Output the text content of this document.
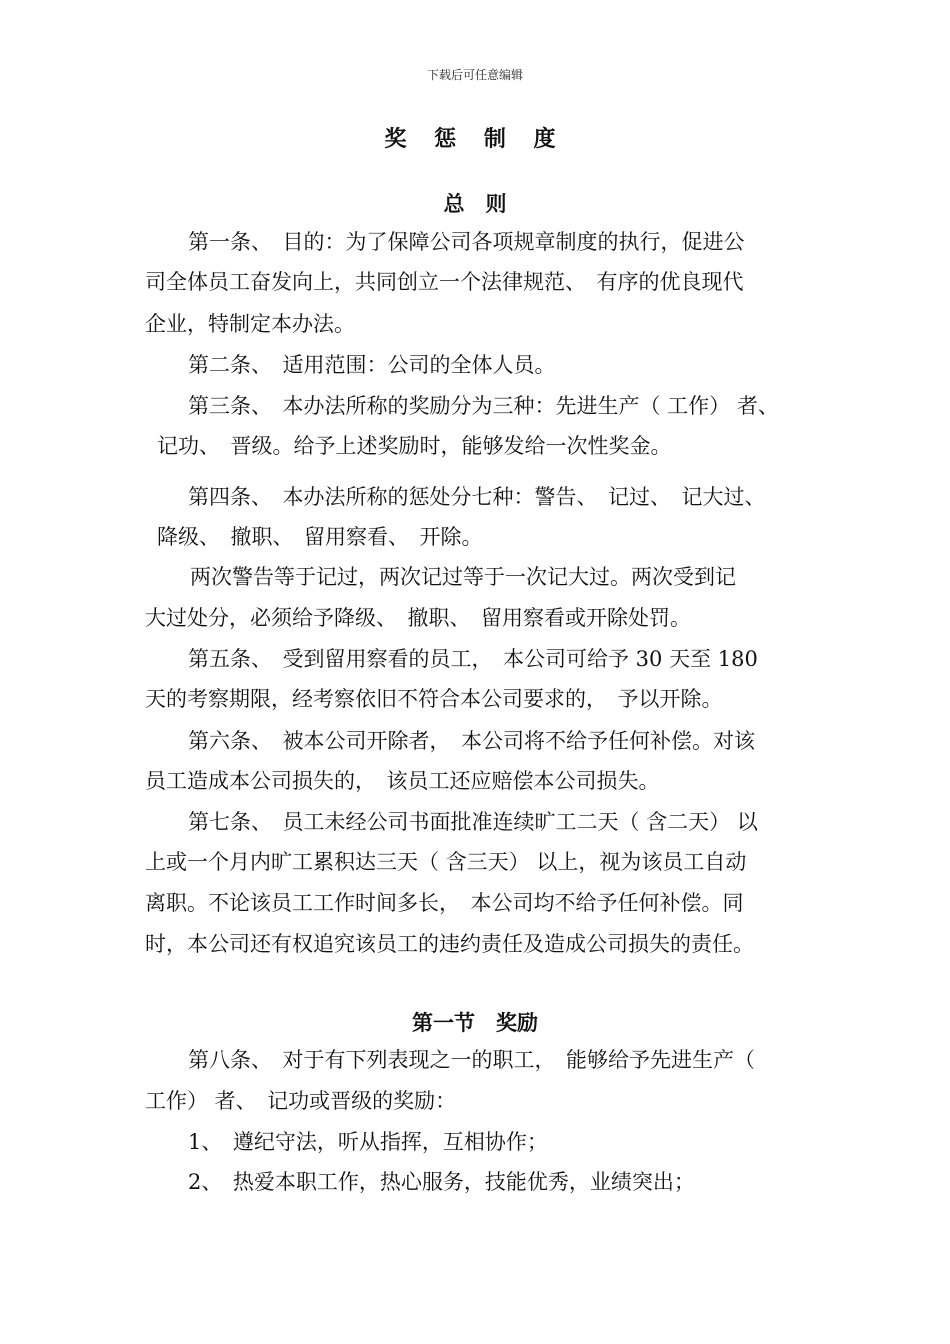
下载后可任意编辑
奖 惩 制 度
总　则
第一条、　目的：为了保障公司各项规章制度的执行，促进公
司全体员工奋发向上，共同创立一个法律规范、　有序的优良现代
企业，特制定本办法。
第二条、　适用范围：公司的全体人员。
第三条、　本办法所称的奖励分为三种：先进生产（ 工作） 者、
记功、　晋级。给予上述奖励时，能够发给一次性奖金。
第四条、　本办法所称的惩处分七种：警告、　记过、　记大过、
降级、　撤职、　留用察看、　开除。
两次警告等于记过，两次记过等于一次记大过。两次受到记
大过处分，必须给予降级、　撤职、　留用察看或开除处罚。
第五条、　受到留用察看的员工，　本公司可给予 30 天至 180
天的考察期限，经考察依旧不符合本公司要求的，　予以开除。
第六条、　被本公司开除者，　本公司将不给予任何补偿。对该
员工造成本公司损失的，　该员工还应赔偿本公司损失。
第七条、　员工未经公司书面批准连续旷工二天（ 含二天） 以
上或一个月内旷工累积达三天（ 含三天） 以上，视为该员工自动
离职。不论该员工工作时间多长，　本公司均不给予任何补偿。同
时，本公司还有权追究该员工的违约责任及造成公司损失的责任。
第一节　奖励
第八条、　对于有下列表现之一的职工，　能够给予先进生产（
工作） 者、　记功或晋级的奖励：
1、　遵纪守法，听从指挥，互相协作；
2、　热爱本职工作，热心服务，技能优秀，业绩突出；
